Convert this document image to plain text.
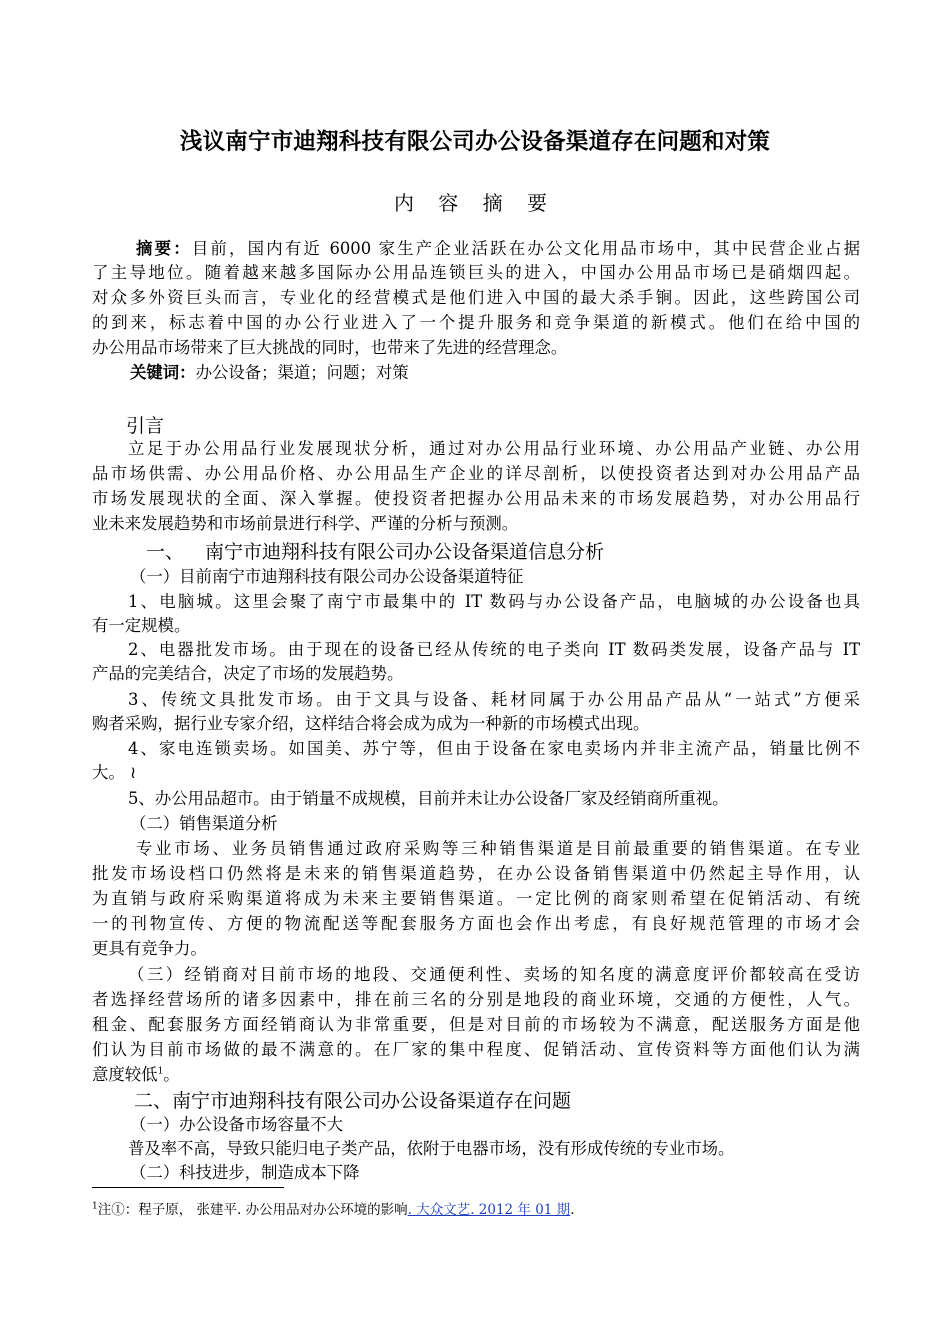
浅议南宁市迪翔科技有限公司办公设备渠道存在问题和对策
内 容 摘 要
摘要：目前，国内有近 6000 家生产企业活跃在办公文化用品市场中，其中民营企业占据
了主导地位。随着越来越多国际办公用品连锁巨头的进入，中国办公用品市场已是硝烟四起。
对众多外资巨头而言，专业化的经营模式是他们进入中国的最大杀手锏。因此，这些跨国公司
的到来，标志着中国的办公行业进入了一个提升服务和竞争渠道的新模式。他们在给中国的
办公用品市场带来了巨大挑战的同时，也带来了先进的经营理念。
关键词：办公设备；渠道；问题；对策
引言
立足于办公用品行业发展现状分析，通过对办公用品行业环境、办公用品产业链、办公用
品市场供需、办公用品价格、办公用品生产企业的详尽剖析，以使投资者达到对办公用品产品
市场发展现状的全面、深入掌握。使投资者把握办公用品未来的市场发展趋势，对办公用品行
业未来发展趋势和市场前景进行科学、严谨的分析与预测。
一、 南宁市迪翔科技有限公司办公设备渠道信息分析
（一）目前南宁市迪翔科技有限公司办公设备渠道特征
1、电脑城。这里会聚了南宁市最集中的 IT 数码与办公设备产品，电脑城的办公设备也具
有一定规模。
2、电器批发市场。由于现在的设备已经从传统的电子类向 IT 数码类发展，设备产品与 IT
产品的完美结合，决定了市场的发展趋势。
3、传统文具批发市场。由于文具与设备、耗材同属于办公用品产品从“一站式”方便采
购者采购，据行业专家介绍，这样结合将会成为成为一种新的市场模式出现。
4、家电连锁卖场。如国美、苏宁等，但由于设备在家电卖场内并非主流产品，销量比例不
大。 ≀
5、办公用品超市。由于销量不成规模，目前并未让办公设备厂家及经销商所重视。
（二）销售渠道分析
专业市场、业务员销售通过政府采购等三种销售渠道是目前最重要的销售渠道。在专业
批发市场设档口仍然将是未来的销售渠道趋势，在办公设备销售渠道中仍然起主导作用，认
为直销与政府采购渠道将成为未来主要销售渠道。一定比例的商家则希望在促销活动、有统
一的刊物宣传、方便的物流配送等配套服务方面也会作出考虑，有良好规范管理的市场才会
更具有竞争力。
（三）经销商对目前市场的地段、交通便利性、卖场的知名度的满意度评价都较高在受访
者选择经营场所的诸多因素中，排在前三名的分别是地段的商业环境，交通的方便性，人气。
租金、配套服务方面经销商认为非常重要，但是对目前的市场较为不满意，配送服务方面是他
们认为目前市场做的最不满意的。在厂家的集中程度、促销活动、宣传资料等方面他们认为满
意度较低$^1$。
二、南宁市迪翔科技有限公司办公设备渠道存在问题
（一）办公设备市场容量不大
普及率不高，导致只能归电子类产品，依附于电器市场，没有形成传统的专业市场。
（二）科技进步，制造成本下降
$^1$注①：程子原， 张建平. 办公用品对办公环境的影响. 大众文艺. 2012 年 01 期.
